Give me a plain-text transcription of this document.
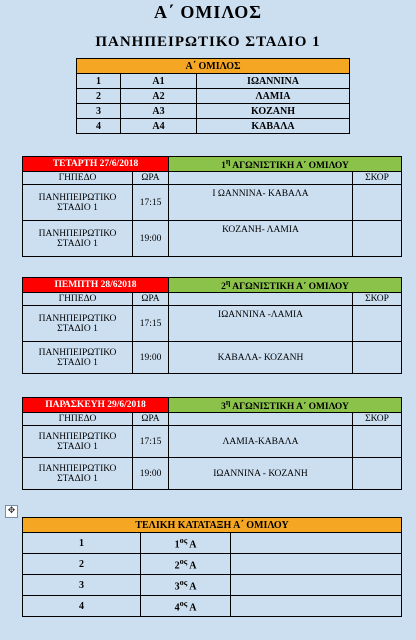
Α΄ ΟΜΙΛΟΣ
ΠΑΝΗΠΕΙΡΩΤΙΚΟ ΣΤΑΔΙΟ 1
Α΄ ΟΜΙΛΟΣ		
1	Α1	ΙΩΑΝΝΙΝΑ
2	Α2	ΛΑΜΙΑ
3	Α3	ΚΟΖΑΝΗ
4	Α4	ΚΑΒΑΛΑ
ΤΕΤΑΡΤΗ 27/6/2018		$1^\eta$ ΑΓΩΝΙΣΤΙΚΗ Α΄ ΟΜΙΛΟΥ	
ΓΗΠΕΔΟ	ΩΡΑ		ΣΚΟΡ
ΠΑΝΗΠΕΙΡΩΤΙΚΟ ΣΤΑΔΙΟ 1	17:15	Ι ΩΑΝΝΙΝΑ- ΚΑΒΑΛΑ	
ΠΑΝΗΠΕΙΡΩΤΙΚΟ ΣΤΑΔΙΟ 1	19:00	ΚΟΖΑΝΗ- ΛΑΜΙΑ	
ΠΕΜΠΤΗ 28/62018		$2^\eta$ ΑΓΩΝΙΣΤΙΚΗ Α΄ ΟΜΙΛΟΥ	
ΓΗΠΕΔΟ	ΩΡΑ		ΣΚΟΡ
ΠΑΝΗΠΕΙΡΩΤΙΚΟ ΣΤΑΔΙΟ 1	17:15	ΙΩΑΝΝΙΝΑ -ΛΑΜΙΑ	
ΠΑΝΗΠΕΙΡΩΤΙΚΟ ΣΤΑΔΙΟ 1	19:00	ΚΑΒΑΛΑ- ΚΟΖΑΝΗ	
ΠΑΡΑΣΚΕΥΗ 29/6/2018		$3^\eta$ ΑΓΩΝΙΣΤΙΚΗ Α΄ ΟΜΙΛΟΥ	
ΓΗΠΕΔΟ	ΩΡΑ		ΣΚΟΡ
ΠΑΝΗΠΕΙΡΩΤΙΚΟ ΣΤΑΔΙΟ 1	17:15	ΛΑΜΙΑ-ΚΑΒΑΛΑ	
ΠΑΝΗΠΕΙΡΩΤΙΚΟ ΣΤΑΔΙΟ 1	19:00	ΙΩΑΝΝΙΝΑ - ΚΟΖΑΝΗ	
✥
ΤΕΛΙΚΗ ΚΑΤΑΤΑΞΗ Α΄ ΟΜΙΛΟΥ		
1	$1^{o\varsigma}$ Α	
2	$2^{o\varsigma}$ Α	
3	$3^{o\varsigma}$ Α	
4	$4^{o\varsigma}$ Α	
